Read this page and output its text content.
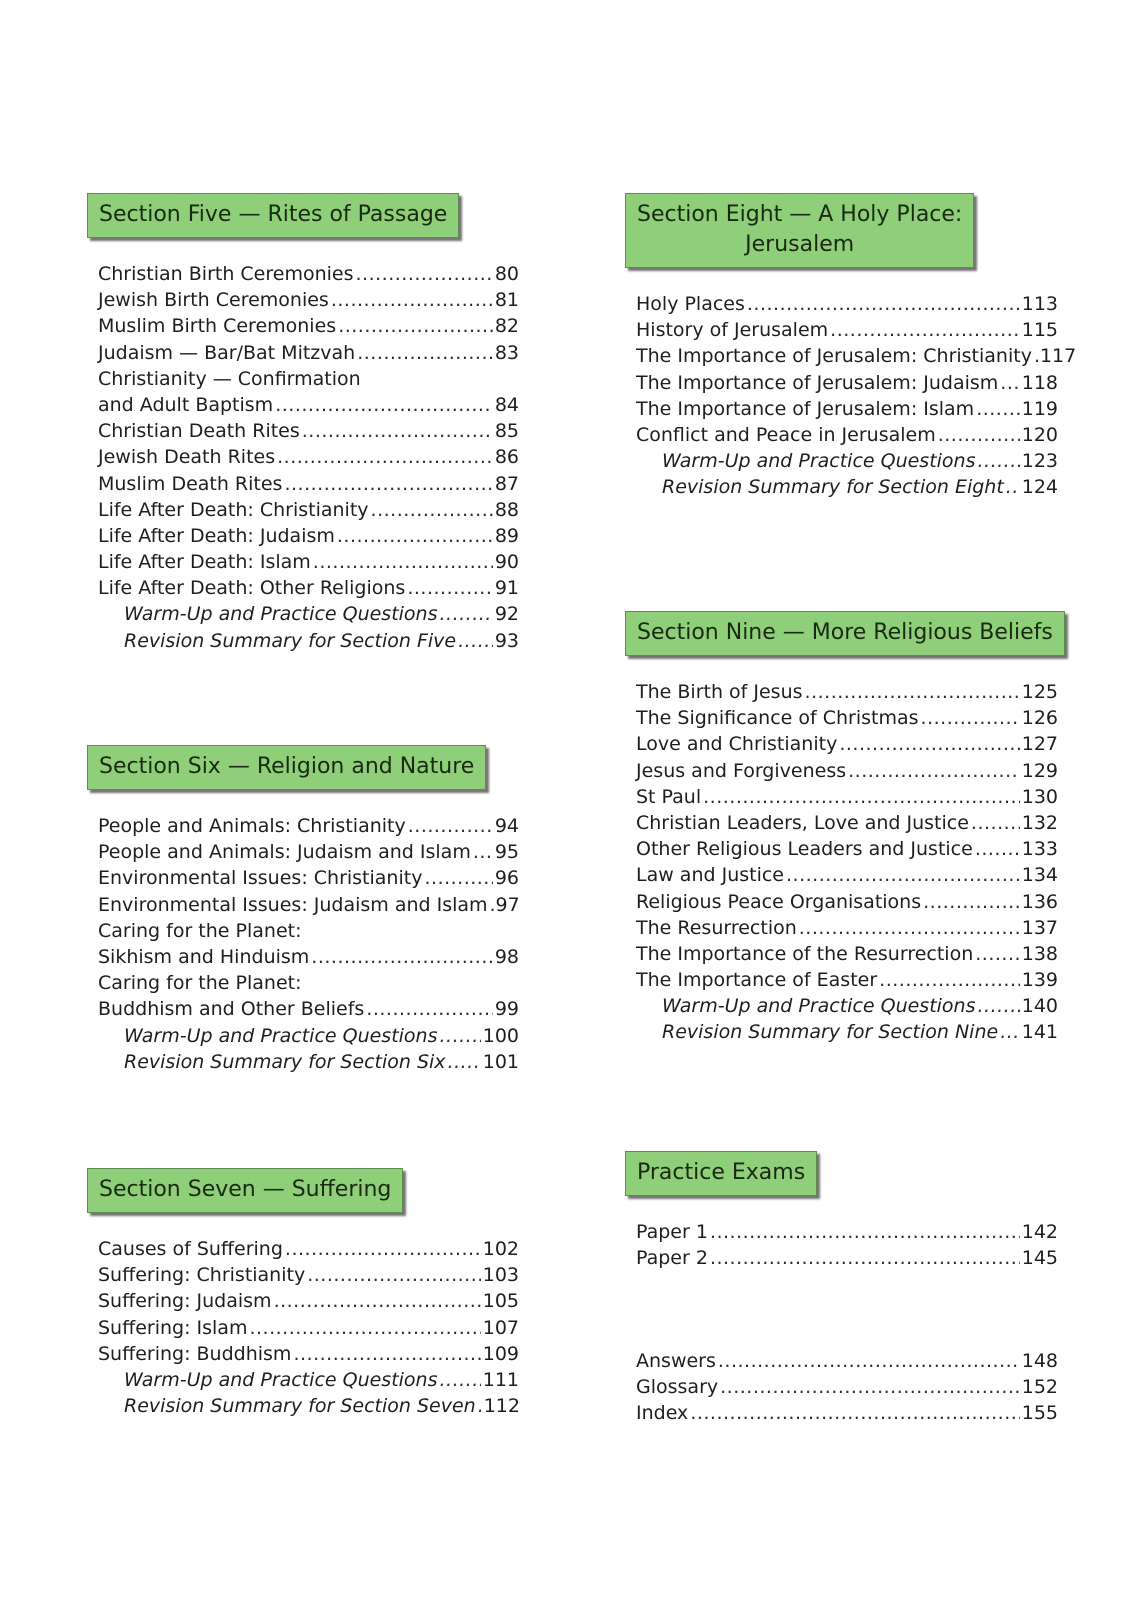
Section Five — Rites of Passage
Christian Birth Ceremonies .....	80
Jewish Birth Ceremonies .....	81
Muslim Birth Ceremonies .....	82
Judaism — Bar/Bat Mitzvah .....	83
Christianity — Confirmation
and Adult Baptism .....	84
Christian Death Rites .....	85
Jewish Death Rites .....	86
Muslim Death Rites .....	87
Life After Death: Christianity .....	88
Life After Death: Judaism .....	89
Life After Death: Islam .....	90
Life After Death: Other Religions .....	91
Warm-Up and Practice Questions .....	92
Revision Summary for Section Five ..... 93
Section Six — Religion and Nature
People and Animals: Christianity .....	94
People and Animals: Judaism and Islam ..... 95
Environmental Issues: Christianity .....	96
Environmental Issues: Judaism and Islam ..... 97
Caring for the Planet:
Sikhism and Hinduism .....	98
Caring for the Planet:
Buddhism and Other Beliefs .....	99
Warm-Up and Practice Questions ..... 100
Revision Summary for Section Six ..... 101
Section Seven — Suffering
Causes of Suffering .....	102
Suffering: Christianity .....	103
Suffering: Judaism .....	105
Suffering: Islam .....	107
Suffering: Buddhism .....	109
Warm-Up and Practice Questions ..... 111
Revision Summary for Section Seven ..... 112
Section Eight — A Holy Place:
Jerusalem
Holy Places .....	113
History of Jerusalem .....	115
The Importance of Jerusalem: Christianity ..... 117
The Importance of Jerusalem: Judaism ..... 118
The Importance of Jerusalem: Islam .....	119
Conflict and Peace in Jerusalem .....	120
Warm-Up and Practice Questions ..... 123
Revision Summary for Section Eight ..... 124
Section Nine — More Religious Beliefs
The Birth of Jesus .....	125
The Significance of Christmas .....	126
Love and Christianity .....	127
Jesus and Forgiveness .....	129
St Paul .....	130
Christian Leaders, Love and Justice .....	132
Other Religious Leaders and Justice .....	133
Law and Justice .....	134
Religious Peace Organisations .....	136
The Resurrection .....	137
The Importance of the Resurrection .....	138
The Importance of Easter .....	139
Warm-Up and Practice Questions ..... 140
Revision Summary for Section Nine ..... 141
Practice Exams
Paper 1 .....	142
Paper 2 .....	145
Answers .....	148
Glossary .....	152
Index .....	155
